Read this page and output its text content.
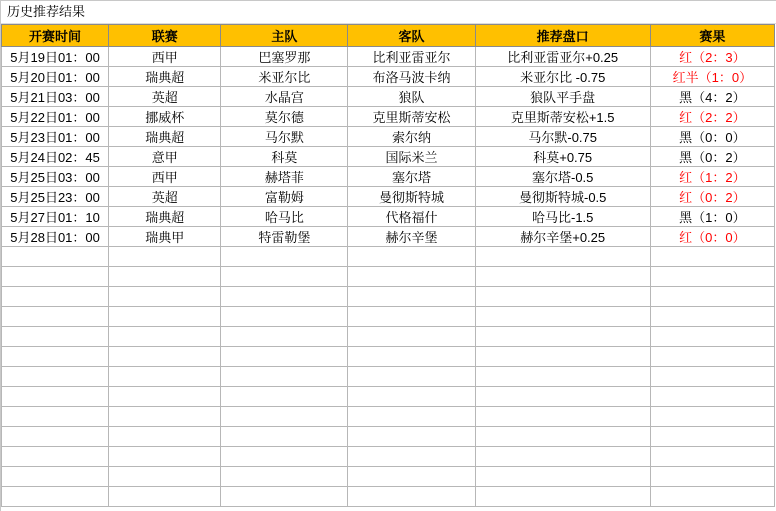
历史推荐结果
开赛时间	联赛	主队	客队	推荐盘口	赛果
5月19日01：00	西甲	巴塞罗那	比利亚雷亚尔	比利亚雷亚尔+0.25	红（2：3）
5月20日01：00	瑞典超	米亚尔比	布洛马波卡纳	米亚尔比 -0.75	红半（1：0）
5月21日03：00	英超	水晶宫	狼队	狼队平手盘	黑（4：2）
5月22日01：00	挪威杯	莫尔德	克里斯蒂安松	克里斯蒂安松+1.5	红（2：2）
5月23日01：00	瑞典超	马尔默	索尔纳	马尔默-0.75	黑（0：0）
5月24日02：45	意甲	科莫	国际米兰	科莫+0.75	黑（0：2）
5月25日03：00	西甲	赫塔菲	塞尔塔	塞尔塔-0.5	红（1：2）
5月25日23：00	英超	富勒姆	曼彻斯特城	曼彻斯特城-0.5	红（0：2）
5月27日01：10	瑞典超	哈马比	代格福什	哈马比-1.5	黑（1：0）
5月28日01：00	瑞典甲	特雷勒堡	赫尔辛堡	赫尔辛堡+0.25	红（0：0）
